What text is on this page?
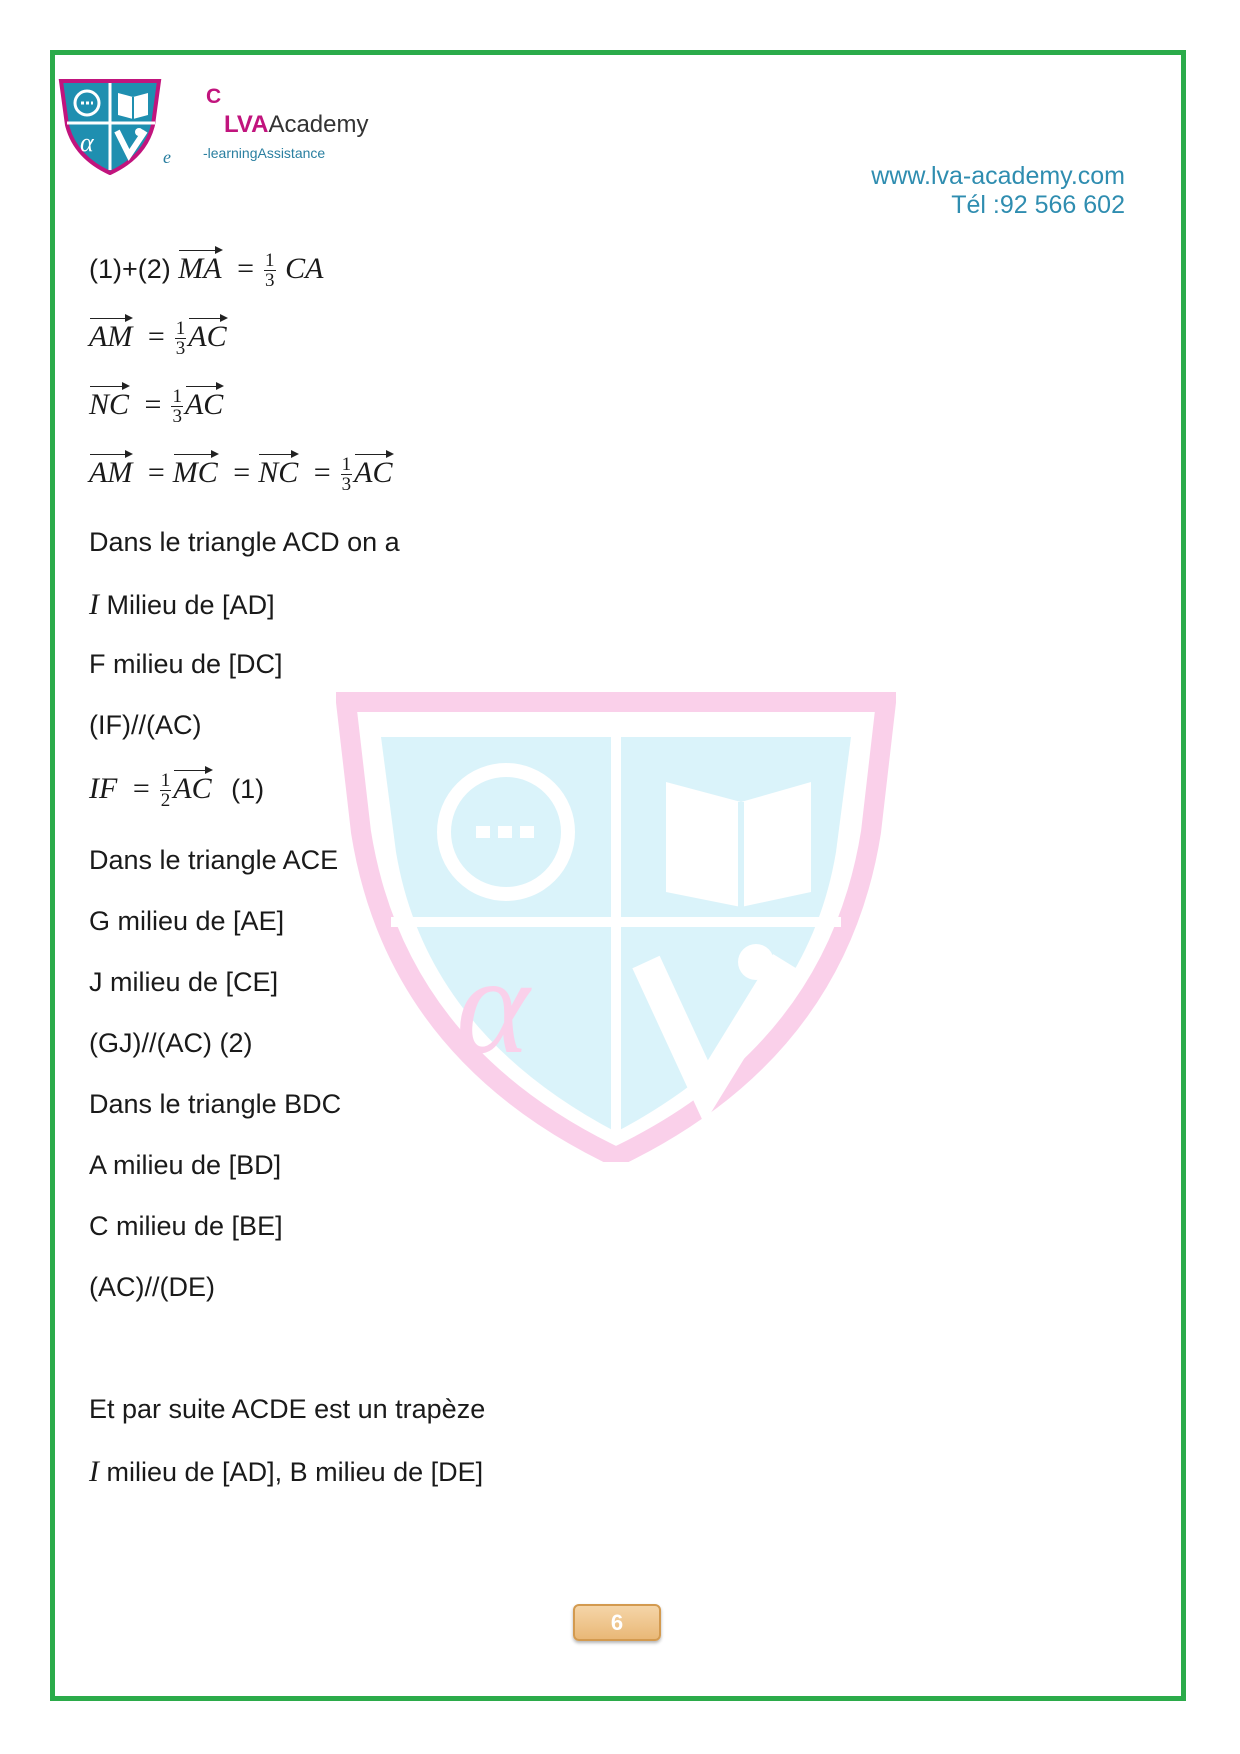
α
C
LVAAcademy
e -learningAssistance
www.lva-academy.com
Tél :92 566 602
α
(1)+(2) MA = $\frac{1}{3}$ CA
AM = $\frac{1}{3}$ AC
NC = $\frac{1}{3}$ AC
AM = MC = NC = $\frac{1}{3}$ AC
Dans le triangle ACD on a
I Milieu de [AD]
F milieu de [DC]
(IF)//(AC)
IF = $\frac{1}{2}$ AC (1)
Dans le triangle ACE
G milieu de [AE]
J milieu de [CE]
(GJ)//(AC) (2)
Dans le triangle BDC
A milieu de [BD]
C milieu de [BE]
(AC)//(DE)
Et par suite ACDE est un trapèze
I milieu de [AD], B milieu de [DE]
6
